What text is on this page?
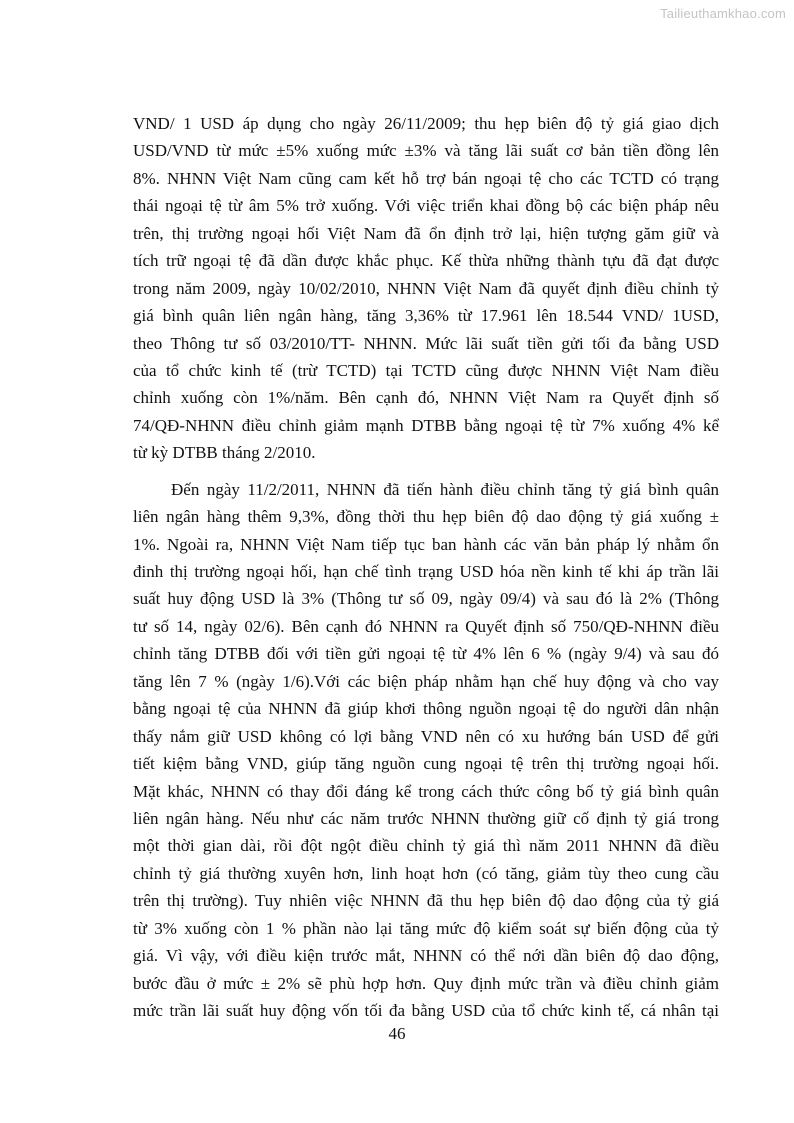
Tailieuthamkhao.com
VND/ 1 USD áp dụng cho ngày 26/11/2009; thu hẹp biên độ tỷ giá giao dịch
USD/VND từ mức ±5% xuống mức ±3% và tăng lãi suất cơ bản tiền đồng lên
8%. NHNN Việt Nam cũng cam kết hỗ trợ bán ngoại tệ cho các TCTD có trạng
thái ngoại tệ từ âm 5% trở xuống. Với việc triển khai đồng bộ các biện pháp nêu
trên, thị trường ngoại hối Việt Nam đã ổn định trở lại, hiện tượng găm giữ và
tích trữ ngoại tệ đã dần được khắc phục. Kế thừa những thành tựu đã đạt được
trong năm 2009, ngày 10/02/2010, NHNN Việt Nam đã quyết định điều chỉnh tỷ
giá bình quân liên ngân hàng, tăng 3,36% từ 17.961 lên 18.544 VND/ 1USD,
theo Thông tư số 03/2010/TT- NHNN. Mức lãi suất tiền gửi tối đa bằng USD
của tổ chức kinh tế (trừ TCTD) tại TCTD cũng được NHNN Việt Nam điều
chỉnh xuống còn 1%/năm. Bên cạnh đó, NHNN Việt Nam ra Quyết định số
74/QĐ-NHNN điều chỉnh giảm mạnh DTBB bằng ngoại tệ từ 7% xuống 4% kể
từ kỳ DTBB tháng 2/2010.
Đến ngày 11/2/2011, NHNN đã tiến hành điều chỉnh tăng tỷ giá bình quân
liên ngân hàng thêm 9,3%, đồng thời thu hẹp biên độ dao động tỷ giá xuống ±
1%. Ngoài ra, NHNN Việt Nam tiếp tục ban hành các văn bản pháp lý nhằm ổn
đinh thị trường ngoại hối, hạn chế tình trạng USD hóa nền kinh tế khi áp trần lãi
suất huy động USD là 3% (Thông tư số 09, ngày 09/4) và sau đó là 2% (Thông
tư số 14, ngày 02/6). Bên cạnh đó NHNN ra Quyết định số 750/QĐ-NHNN điều
chỉnh tăng DTBB đối với tiền gửi ngoại tệ từ 4% lên 6 % (ngày 9/4) và sau đó
tăng lên 7 % (ngày 1/6).Với các biện pháp nhằm hạn chế huy động và cho vay
bằng ngoại tệ của NHNN đã giúp khơi thông nguồn ngoại tệ do người dân nhận
thấy nắm giữ USD không có lợi bằng VND nên có xu hướng bán USD để gửi
tiết kiệm bằng VND, giúp tăng nguồn cung ngoại tệ trên thị trường ngoại hối.
Mặt khác, NHNN có thay đổi đáng kể trong cách thức công bố tỷ giá bình quân
liên ngân hàng. Nếu như các năm trước NHNN thường giữ cố định tỷ giá trong
một thời gian dài, rồi đột ngột điều chỉnh tỷ giá thì năm 2011 NHNN đã điều
chỉnh tỷ giá thường xuyên hơn, linh hoạt hơn (có tăng, giảm tùy theo cung cầu
trên thị trường). Tuy nhiên việc NHNN đã thu hẹp biên độ dao động của tỷ giá
từ 3% xuống còn 1 % phần nào lại tăng mức độ kiểm soát sự biến động của tỷ
giá. Vì vậy, với điều kiện trước mắt, NHNN có thể nới dần biên độ dao động,
bước đầu ở mức ± 2% sẽ phù hợp hơn. Quy định mức trần và điều chỉnh giảm
mức trần lãi suất huy động vốn tối đa bằng USD của tổ chức kinh tế, cá nhân tại
46
